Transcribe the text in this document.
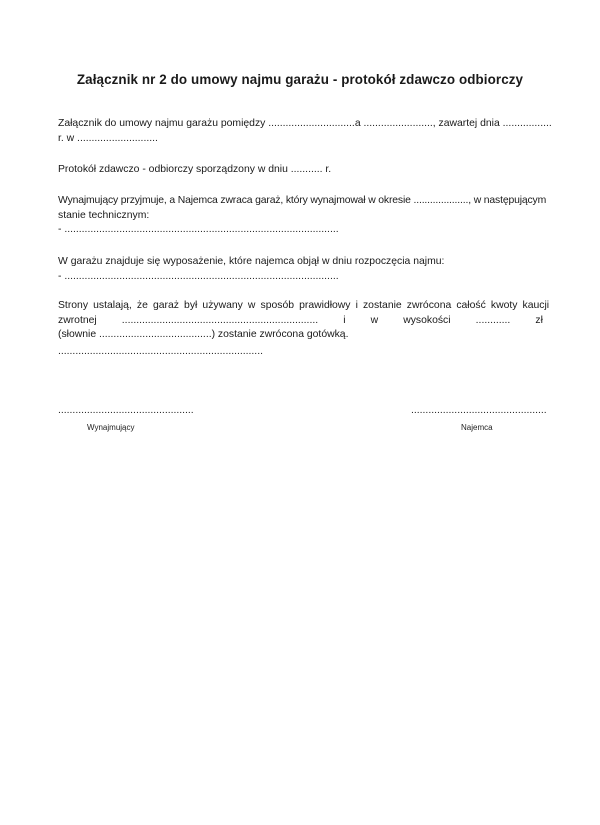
Załącznik nr 2 do umowy najmu garażu - protokół zdawczo odbiorczy
Załącznik do umowy najmu garażu pomiędzy .............................. a ........................, zawartej dnia .................
r. w ............................
Protokół zdawczo - odbiorczy sporządzony w dniu ........... r.
Wynajmujący przyjmuje, a Najemca zwraca garaż, który wynajmował w okresie ...................., w następującym
stanie technicznym:
- ...............................................................................................
W garażu znajduje się wyposażenie, które najemca objął w dniu rozpoczęcia najmu:
- ...............................................................................................
Strony ustalają, że garaż był używany w sposób prawidłowy i zostanie zwrócona całość kwoty kaucji
zwrotnej .................................................................... i w wysokości ............ zł
(słownie .......................................) zostanie zwrócona gotówką.
.......................................................................
...............................................
Wynajmujący
...............................................
Najemca
